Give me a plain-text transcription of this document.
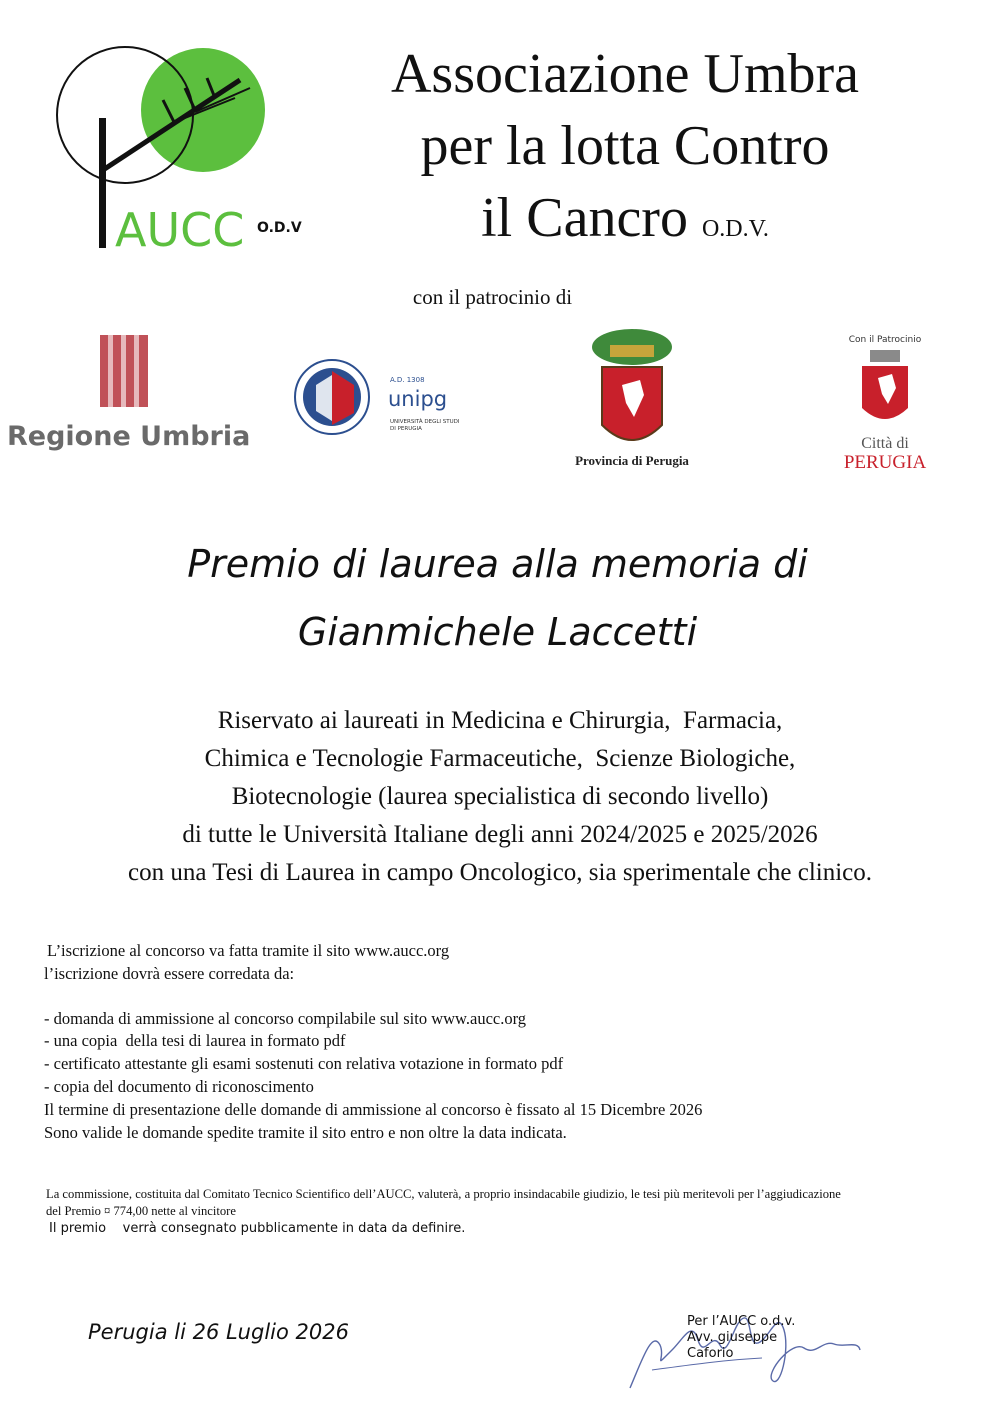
AUCC O.D.V
Associazione Umbra
per la lotta Contro
il Cancro O.D.V.
con il patrocinio di
Regione Umbria
A.D. 1308
unipg
UNIVERSITÀ DEGLI STUDI
DI PERUGIA
Provincia di Perugia
Con il Patrocinio
Città di
PERUGIA
Premio di laurea alla memoria di
Gianmichele Laccetti
Riservato ai laureati in Medicina e Chirurgia,  Farmacia,
Chimica e Tecnologie Farmaceutiche,  Scienze Biologiche,
Biotecnologie (laurea specialistica di secondo livello)
di tutte le Università Italiane degli anni 2024/2025 e 2025/2026
con una Tesi di Laurea in campo Oncologico, sia sperimentale che clinico.
L’iscrizione al concorso va fatta tramite il sito www.aucc.org
l’iscrizione dovrà essere corredata da:
- domanda di ammissione al concorso compilabile sul sito www.aucc.org
- una copia  della tesi di laurea in formato pdf
- certificato attestante gli esami sostenuti con relativa votazione in formato pdf
- copia del documento di riconoscimento
Il termine di presentazione delle domande di ammissione al concorso è fissato al 15 Dicembre 2026
Sono valide le domande spedite tramite il sito entro e non oltre la data indicata.
La commissione, costituita dal Comitato Tecnico Scientifico dell’AUCC, valuterà, a proprio insindacabile giudizio, le tesi più meritevoli per l’aggiudicazione
del Premio ¤ 774,00 nette al vincitore
Il premio    verrà consegnato pubblicamente in data da definire.
Perugia li 26 Luglio 2026	Per l’AUCC o.d.v.
Avv. giuseppe
Caforio
